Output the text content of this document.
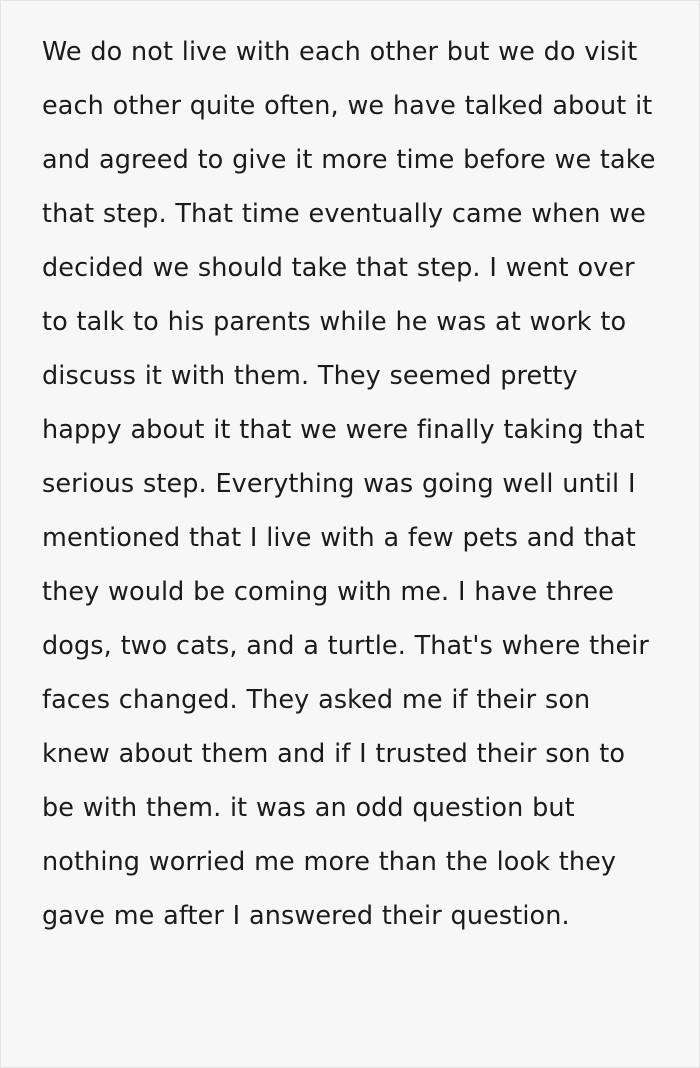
We do not live with each other but we do visit each other quite often, we have talked about it and agreed to give it more time before we take that step. That time eventually came when we decided we should take that step. I went over to talk to his parents while he was at work to discuss it with them. They seemed pretty happy about it that we were finally taking that serious step. Everything was going well until I mentioned that I live with a few pets and that they would be coming with me. I have three dogs, two cats, and a turtle. That's where their faces changed. They asked me if their son knew about them and if I trusted their son to be with them. it was an odd question but nothing worried me more than the look they gave me after I answered their question.
